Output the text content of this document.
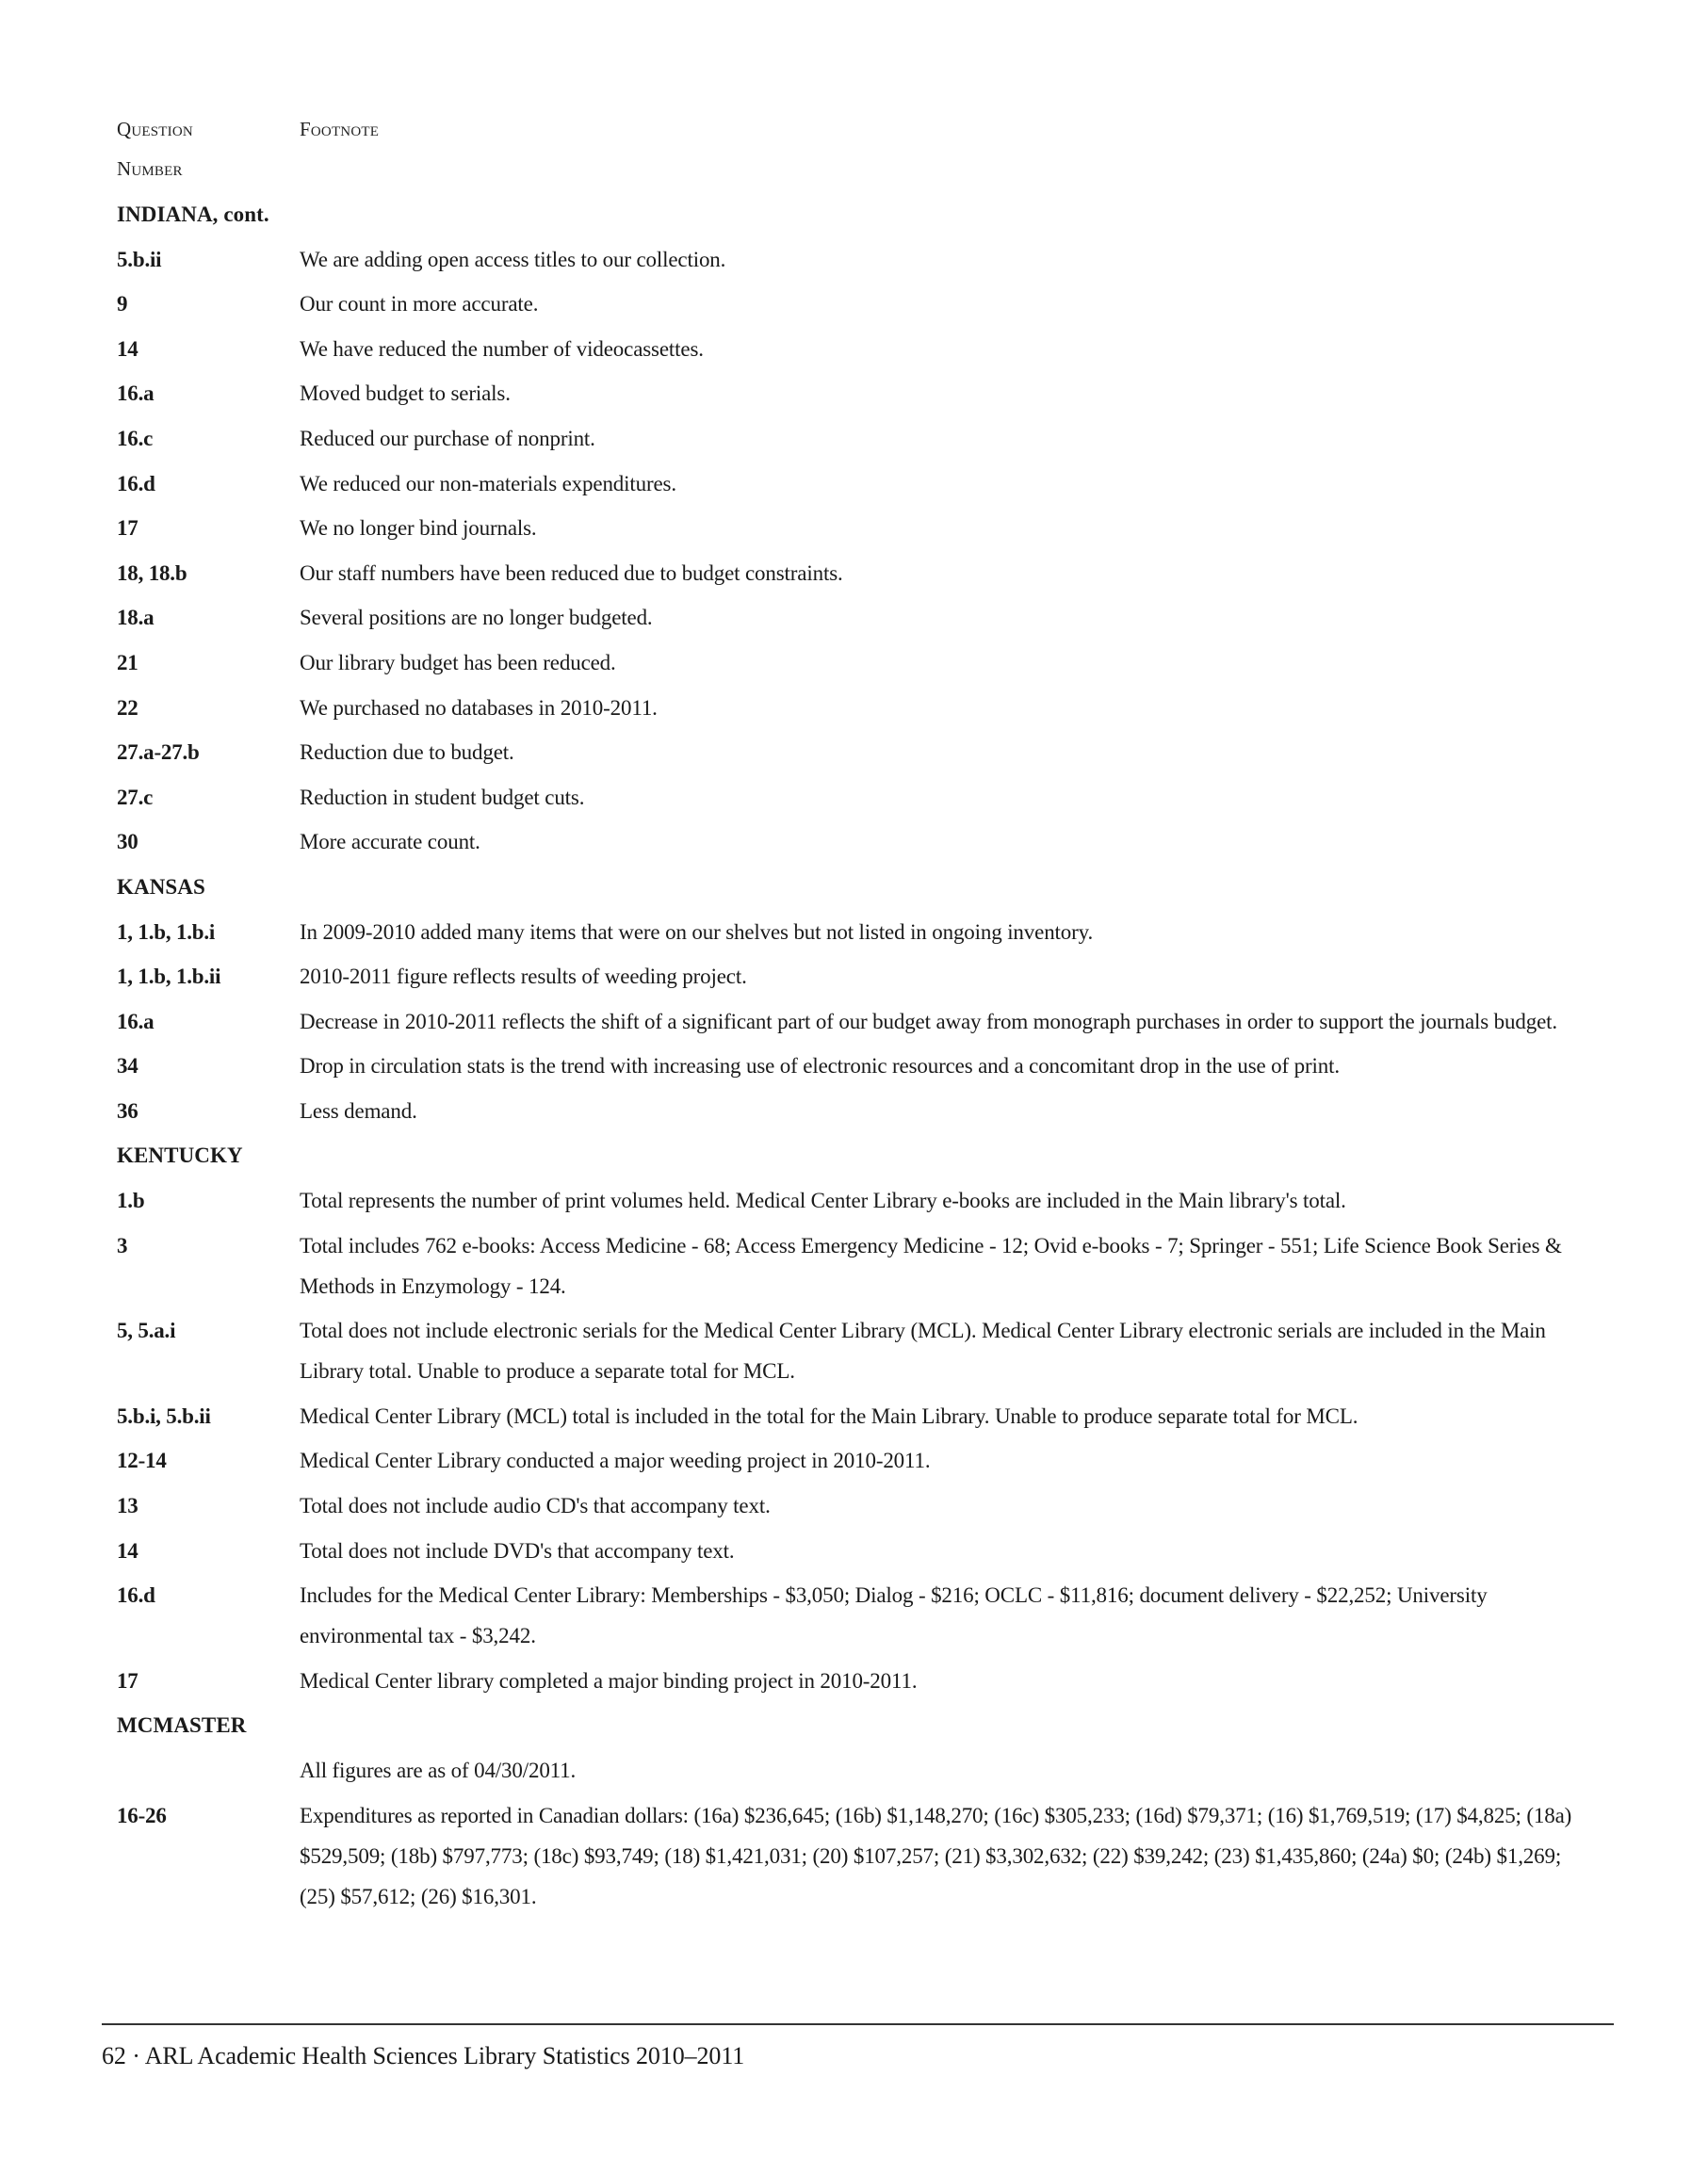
Question	Footnote
Number
INDIANA, cont.
5.b.ii	We are adding open access titles to our collection.
9	Our count in more accurate.
14	We have reduced the number of videocassettes.
16.a	Moved budget to serials.
16.c	Reduced our purchase of nonprint.
16.d	We reduced our non-materials expenditures.
17	We no longer bind journals.
18, 18.b	Our staff numbers have been reduced due to budget constraints.
18.a	Several positions are no longer budgeted.
21	Our library budget has been reduced.
22	We purchased no databases in 2010-2011.
27.a-27.b	Reduction due to budget.
27.c	Reduction in student budget cuts.
30	More accurate count.
KANSAS
1, 1.b, 1.b.i	In 2009-2010 added many items that were on our shelves but not listed in ongoing inventory.
1, 1.b, 1.b.ii	2010-2011 figure reflects results of weeding project.
16.a	Decrease in 2010-2011 reflects the shift of a significant part of our budget away from monograph purchases in order to support the journals budget.
34	Drop in circulation stats is the trend with increasing use of electronic resources and a concomitant drop in the use of print.
36	Less demand.
KENTUCKY
1.b	Total represents the number of print volumes held. Medical Center Library e-books are included in the Main library's total.
3	Total includes 762 e-books: Access Medicine - 68; Access Emergency Medicine - 12; Ovid e-books - 7; Springer - 551; Life Science Book Series & Methods in Enzymology - 124.
5, 5.a.i	Total does not include electronic serials for the Medical Center Library (MCL). Medical Center Library electronic serials are included in the Main Library total. Unable to produce a separate total for MCL.
5.b.i, 5.b.ii	Medical Center Library (MCL) total is included in the total for the Main Library. Unable to produce separate total for MCL.
12-14	Medical Center Library conducted a major weeding project in 2010-2011.
13	Total does not include audio CD's that accompany text.
14	Total does not include DVD's that accompany text.
16.d	Includes for the Medical Center Library: Memberships - $3,050; Dialog - $216; OCLC - $11,816; document delivery - $22,252; University environmental tax - $3,242.
17	Medical Center library completed a major binding project in 2010-2011.
MCMASTER
All figures are as of 04/30/2011.
16-26	Expenditures as reported in Canadian dollars: (16a) $236,645; (16b) $1,148,270; (16c) $305,233; (16d) $79,371; (16) $1,769,519; (17) $4,825; (18a) $529,509; (18b) $797,773; (18c) $93,749; (18) $1,421,031; (20) $107,257; (21) $3,302,632; (22) $39,242; (23) $1,435,860; (24a) $0; (24b) $1,269; (25) $57,612; (26) $16,301.
62 · ARL Academic Health Sciences Library Statistics 2010–2011
